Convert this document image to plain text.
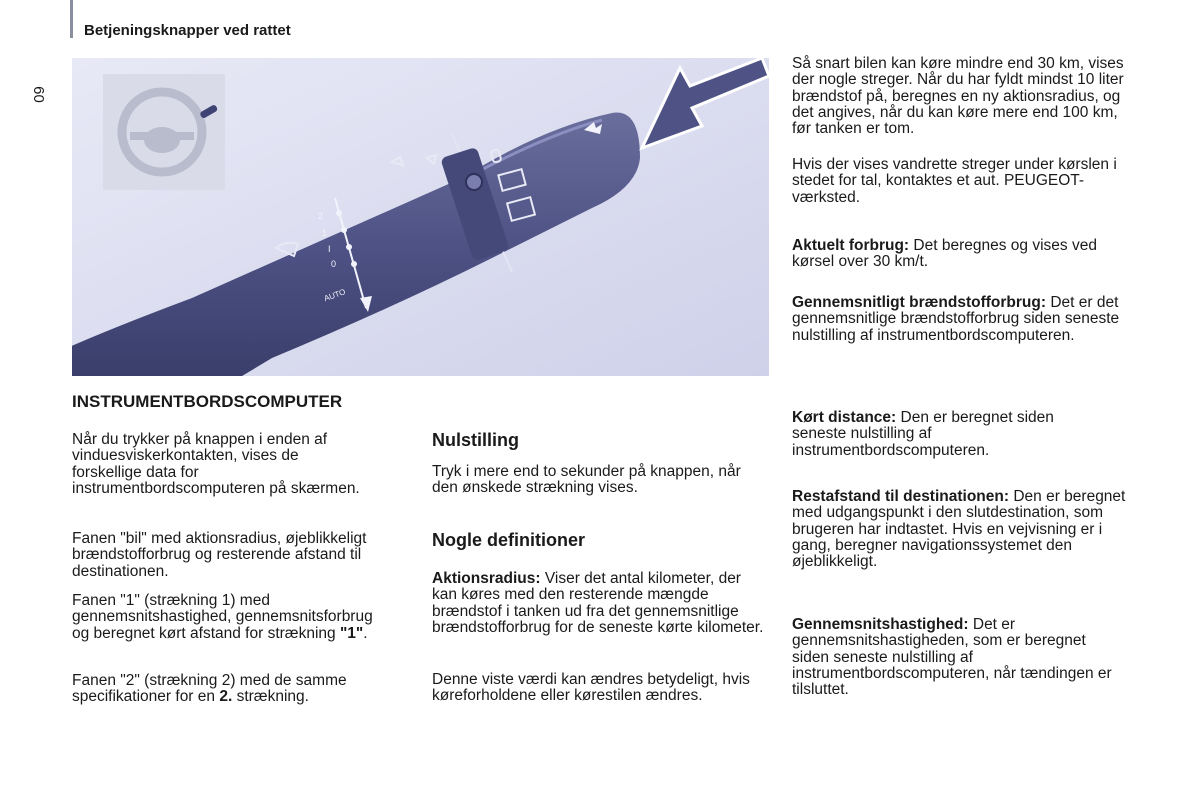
Betjeningsknapper ved rattet
60
2
1
I
0
AUTO
INSTRUMENTBORDSCOMPUTER

Når du trykker på knappen i enden af vinduesviskerkontakten, vises de forskellige data for instrumentbordscomputeren på skærmen.

Fanen "bil" med aktionsradius, øjeblikkeligt brændstofforbrug og resterende afstand til destinationen.

Fanen "1" (strækning 1) med gennemsnitshastighed, gennemsnitsforbrug og beregnet kørt afstand for strækning "1".

Fanen "2" (strækning 2) med de samme specifikationer for en 2. strækning.

Nulstilling

Tryk i mere end to sekunder på knappen, når den ønskede strækning vises.

Nogle definitioner

Aktionsradius: Viser det antal kilometer, der kan køres med den resterende mængde brændstof i tanken ud fra det gennemsnitlige brændstofforbrug for de seneste kørte kilometer.

Denne viste værdi kan ændres betydeligt, hvis køreforholdene eller kørestilen ændres.

Så snart bilen kan køre mindre end 30 km, vises der nogle streger. Når du har fyldt mindst 10 liter brændstof på, beregnes en ny aktionsradius, og det angives, når du kan køre mere end 100 km, før tanken er tom.

Hvis der vises vandrette streger under kørslen i stedet for tal, kontaktes et aut. PEUGEOT-værksted.

Aktuelt forbrug: Det beregnes og vises ved kørsel over 30 km/t.

Gennemsnitligt brændstofforbrug: Det er det gennemsnitlige brændstofforbrug siden seneste nulstilling af instrumentbordscomputeren.

Kørt distance: Den er beregnet siden seneste nulstilling af instrumentbordscomputeren.

Restafstand til destinationen: Den er beregnet med udgangspunkt i den slutdestination, som brugeren har indtastet. Hvis en vejvisning er i gang, beregner navigationssystemet den øjeblikkeligt.

Gennemsnitshastighed: Det er gennemsnitshastigheden, som er beregnet siden seneste nulstilling af instrumentbordscomputeren, når tændingen er tilsluttet.
